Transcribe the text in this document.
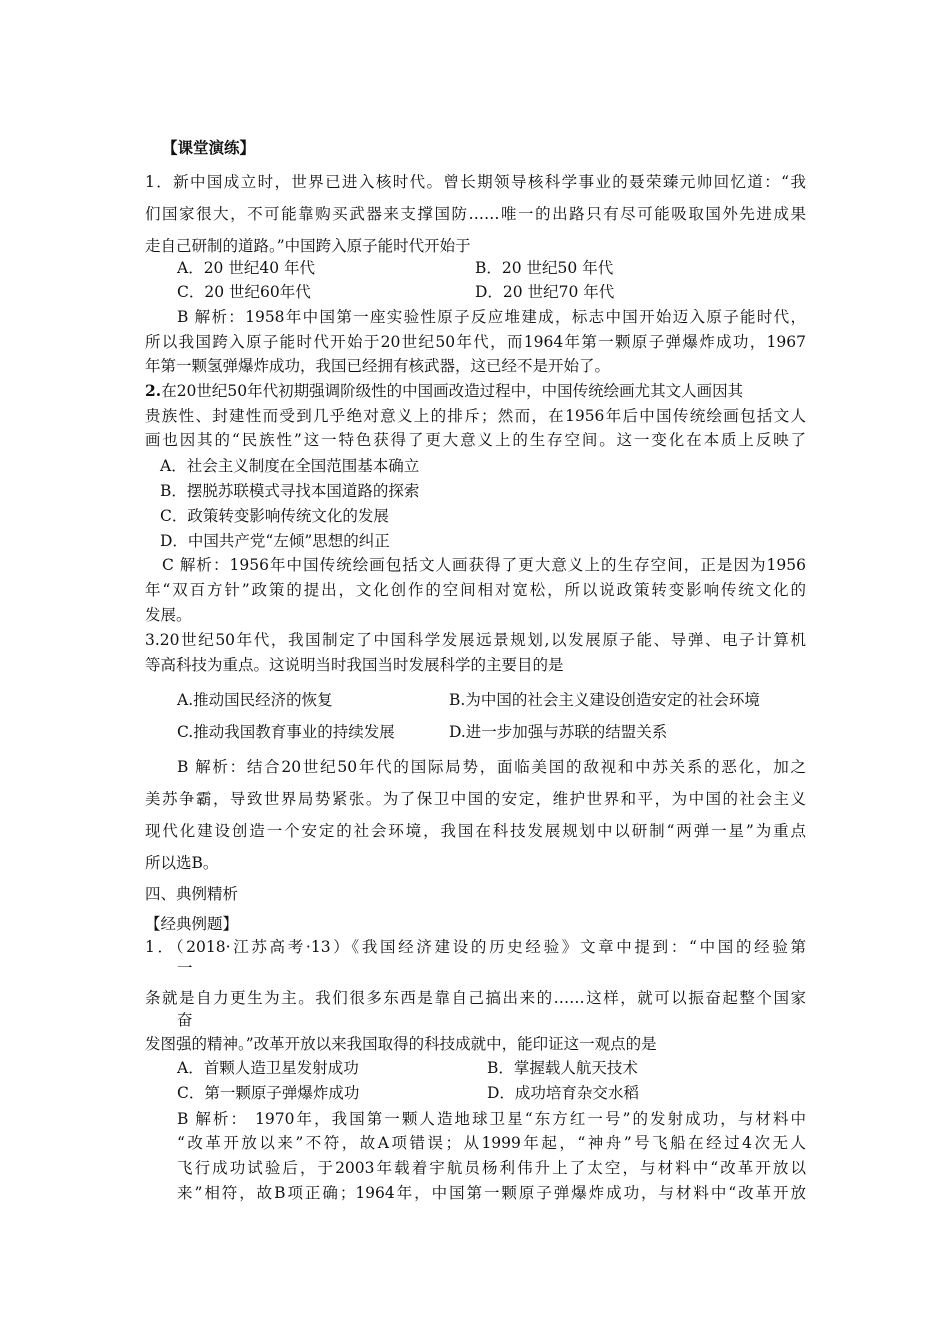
【课堂演练】
1．新中国成立时，世界已进入核时代。曾长期领导核科学事业的聂荣臻元帅回忆道：“我
们国家很大，不可能靠购买武器来支撑国防……唯一的出路只有尽可能吸取国外先进成果
走自己研制的道路。”中国跨入原子能时代开始于
A．20 世纪40 年代	B．20 世纪50 年代
C．20 世纪60年代	D．20 世纪70 年代
B 解析：1958年中国第一座实验性原子反应堆建成，标志中国开始迈入原子能时代，
所以我国跨入原子能时代开始于20世纪50年代，而1964年第一颗原子弹爆炸成功，1967
年第一颗氢弹爆炸成功，我国已经拥有核武器，这已经不是开始了。
2.在20世纪50年代初期强调阶级性的中国画改造过程中，中国传统绘画尤其文人画因其
贵族性、封建性而受到几乎绝对意义上的排斥；然而，在1956年后中国传统绘画包括文人
画也因其的“民族性”这一特色获得了更大意义上的生存空间。这一变化在本质上反映了
A．社会主义制度在全国范围基本确立
B．摆脱苏联模式寻找本国道路的探索
C．政策转变影响传统文化的发展
D．中国共产党“左倾”思想的纠正
C 解析：1956年中国传统绘画包括文人画获得了更大意义上的生存空间，正是因为1956
年“双百方针”政策的提出，文化创作的空间相对宽松，所以说政策转变影响传统文化的
发展。
3.20世纪50年代，我国制定了中国科学发展远景规划,以发展原子能、导弹、电子计算机
等高科技为重点。这说明当时我国当时发展科学的主要目的是
A.推动国民经济的恢复	B.为中国的社会主义建设创造安定的社会环境
C.推动我国教育事业的持续发展	D.进一步加强与苏联的结盟关系
B 解析：结合20世纪50年代的国际局势，面临美国的敌视和中苏关系的恶化，加之
美苏争霸，导致世界局势紧张。为了保卫中国的安定，维护世界和平，为中国的社会主义
现代化建设创造一个安定的社会环境，我国在科技发展规划中以研制“两弹一星”为重点
所以选B。
四、典例精析
【经典例题】
1．（2018·江苏高考·13）《我国经济建设的历史经验》文章中提到：“中国的经验第
一
条就是自力更生为主。我们很多东西是靠自己搞出来的……这样，就可以振奋起整个国家
奋
发图强的精神。”改革开放以来我国取得的科技成就中，能印证这一观点的是
A．首颗人造卫星发射成功	B．掌握载人航天技术
C．第一颗原子弹爆炸成功	D．成功培育杂交水稻
B 解析： 1970年，我国第一颗人造地球卫星“东方红一号”的发射成功，与材料中
“改革开放以来”不符，故A项错误；从1999年起，“神舟”号飞船在经过4次无人
飞行成功试验后，于2003年载着宇航员杨利伟升上了太空，与材料中“改革开放以
来”相符，故B项正确；1964年，中国第一颗原子弹爆炸成功，与材料中“改革开放
